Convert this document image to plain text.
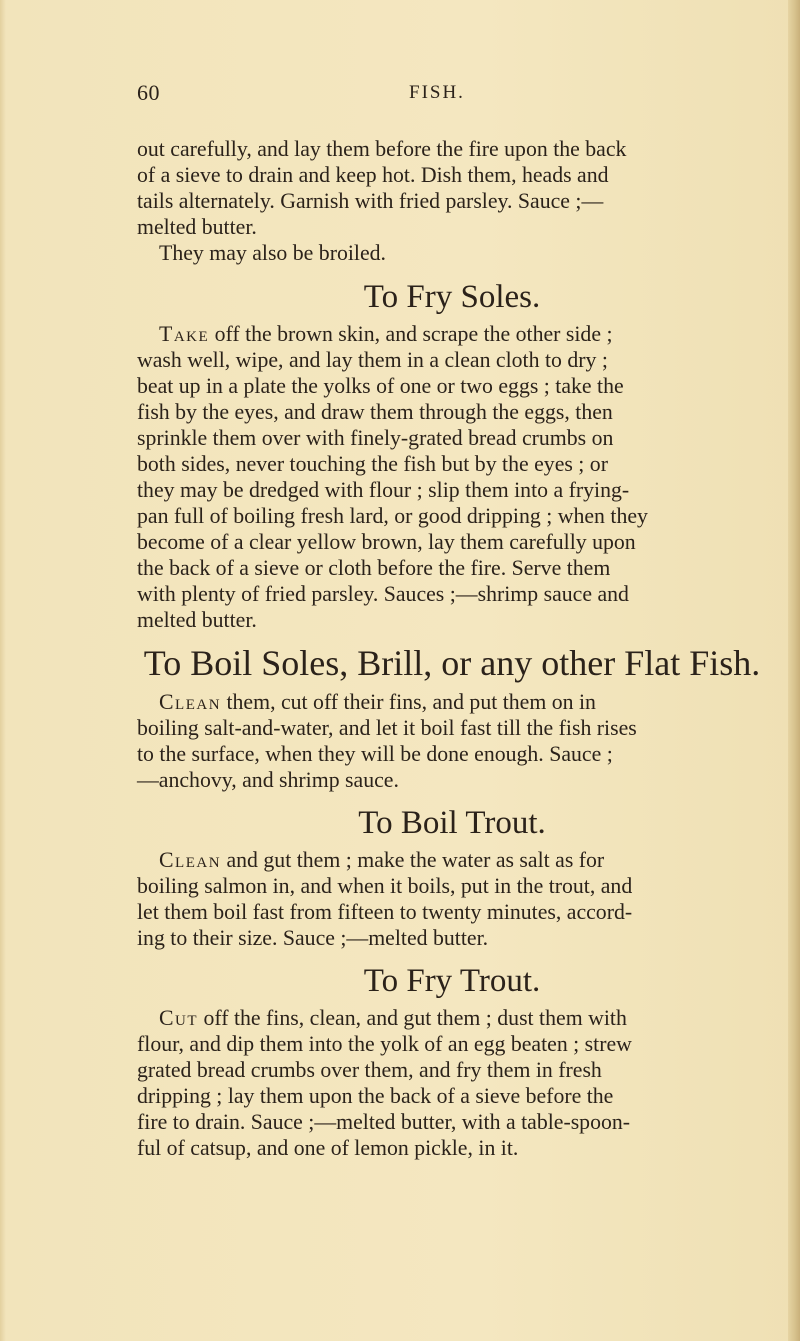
60	FISH.
out carefully, and lay them before the fire upon the back
of a sieve to drain and keep hot. Dish them, heads and
tails alternately. Garnish with fried parsley. Sauce ;—
melted butter.
They may also be broiled.
To Fry Soles.
Take off the brown skin, and scrape the other side ;
wash well, wipe, and lay them in a clean cloth to dry ;
beat up in a plate the yolks of one or two eggs ; take the
fish by the eyes, and draw them through the eggs, then
sprinkle them over with finely-grated bread crumbs on
both sides, never touching the fish but by the eyes ; or
they may be dredged with flour ; slip them into a frying-
pan full of boiling fresh lard, or good dripping ; when they
become of a clear yellow brown, lay them carefully upon
the back of a sieve or cloth before the fire. Serve them
with plenty of fried parsley. Sauces ;—shrimp sauce and
melted butter.
To Boil Soles, Brill, or any other Flat Fish.
Clean them, cut off their fins, and put them on in
boiling salt-and-water, and let it boil fast till the fish rises
to the surface, when they will be done enough. Sauce ;
—anchovy, and shrimp sauce.
To Boil Trout.
Clean and gut them ; make the water as salt as for
boiling salmon in, and when it boils, put in the trout, and
let them boil fast from fifteen to twenty minutes, accord-
ing to their size. Sauce ;—melted butter.
To Fry Trout.
Cut off the fins, clean, and gut them ; dust them with
flour, and dip them into the yolk of an egg beaten ; strew
grated bread crumbs over them, and fry them in fresh
dripping ; lay them upon the back of a sieve before the
fire to drain. Sauce ;—melted butter, with a table-spoon-
ful of catsup, and one of lemon pickle, in it.
